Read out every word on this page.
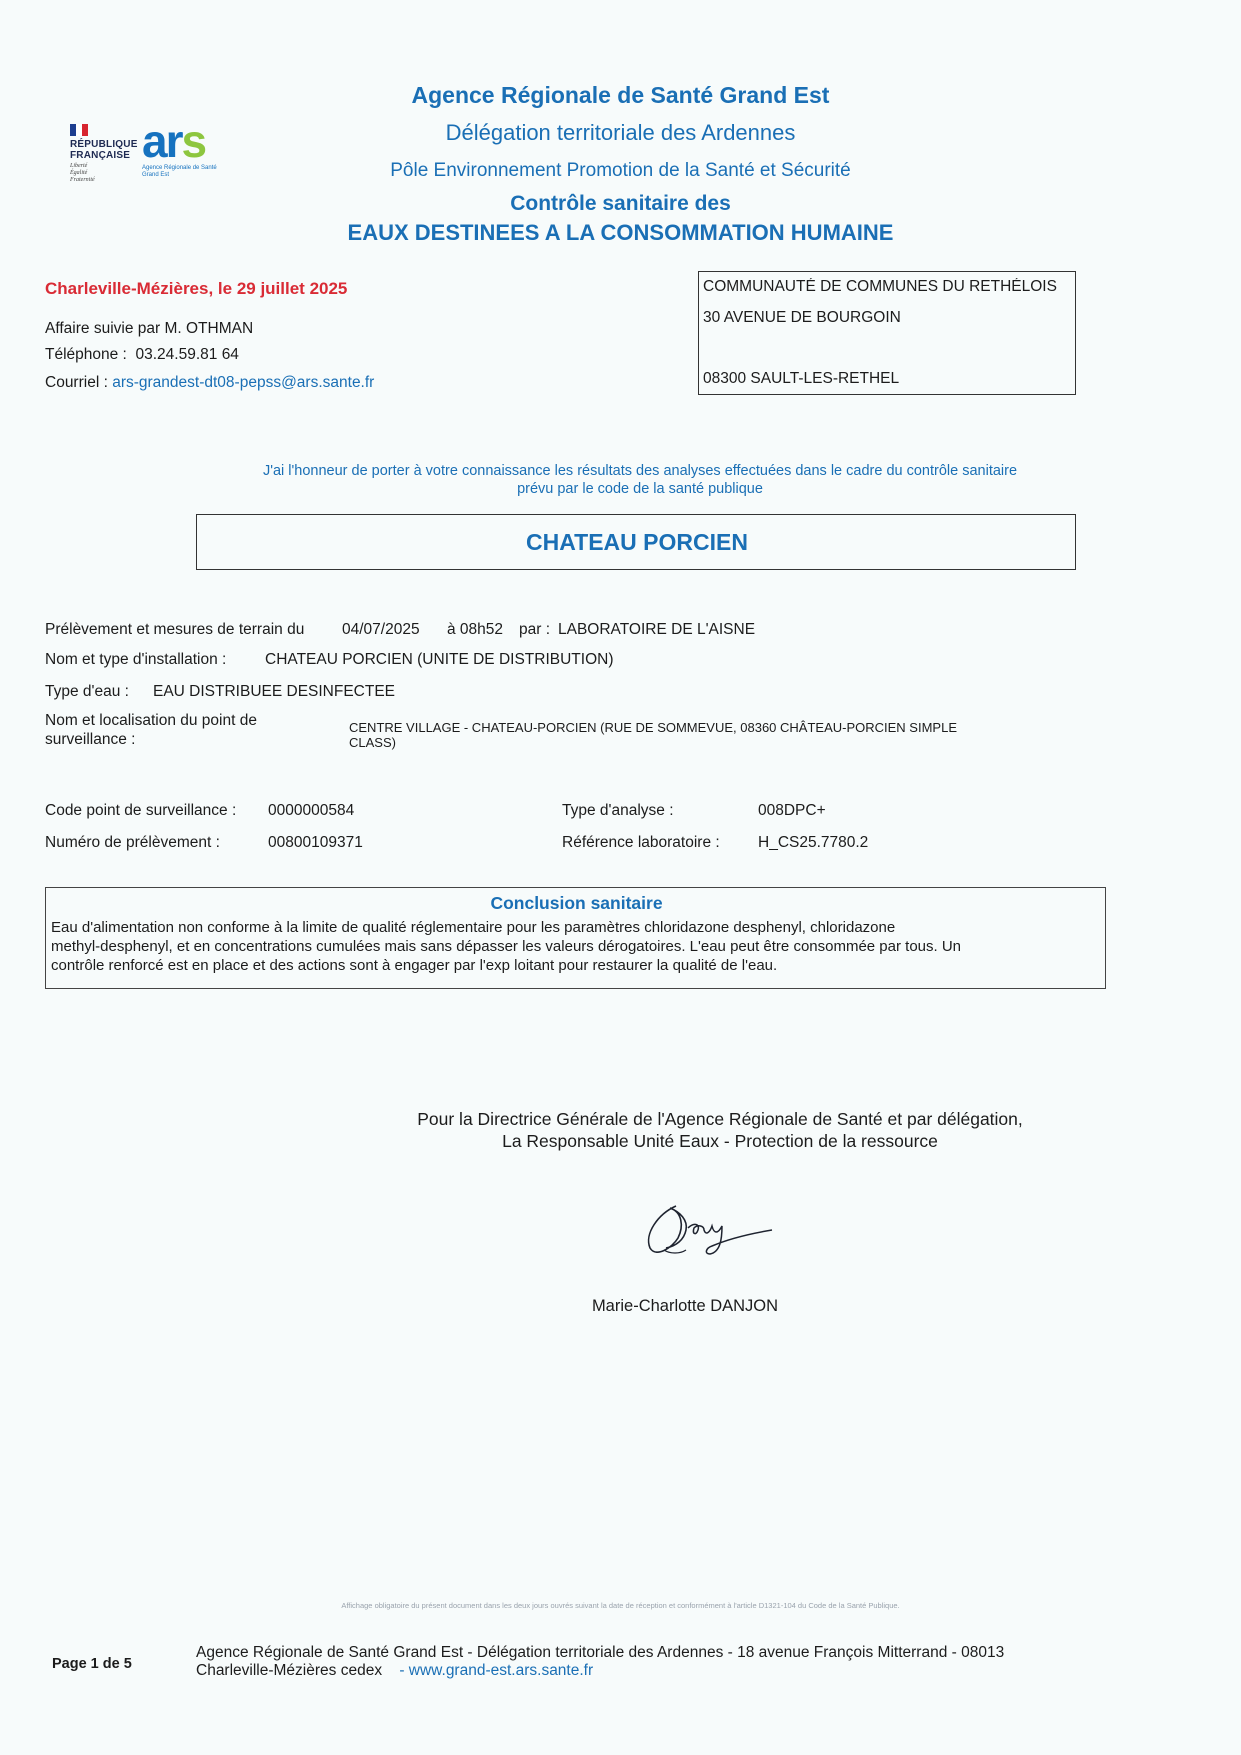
RÉPUBLIQUE
FRANÇAISE
Liberté
Égalité
Fraternité
ars
Agence Régionale de Santé
Grand Est
Agence Régionale de Santé Grand Est
Délégation territoriale des Ardennes
Pôle Environnement Promotion de la Santé et Sécurité
Contrôle sanitaire des
EAUX DESTINEES A LA CONSOMMATION HUMAINE
Charleville-Mézières, le 29 juillet 2025
Affaire suivie par M. OTHMAN
Téléphone : 03.24.59.81 64
Courriel : ars-grandest-dt08-pepss@ars.sante.fr
COMMUNAUTÉ DE COMMUNES DU RETHÉLOIS
30 AVENUE DE BOURGOIN
08300 SAULT-LES-RETHEL
J'ai l'honneur de porter à votre connaissance les résultats des analyses effectuées dans le cadre du contrôle sanitaire
prévu par le code de la santé publique
CHATEAU PORCIEN
Prélèvement et mesures de terrain du 04/07/2025 à 08h52 par : LABORATOIRE DE L'AISNE
Nom et type d'installation : CHATEAU PORCIEN (UNITE DE DISTRIBUTION)
Type d'eau : EAU DISTRIBUEE DESINFECTEE
Nom et localisation du point de
surveillance :
CENTRE VILLAGE - CHATEAU-PORCIEN (RUE DE SOMMEVUE, 08360 CHÂTEAU-PORCIEN SIMPLE
CLASS)
Code point de surveillance : 0000000584	Type d'analyse :	008DPC+
Numéro de prélèvement :	00800109371	Référence laboratoire : H_CS25.7780.2
Conclusion sanitaire
Eau d'alimentation non conforme à la limite de qualité réglementaire pour les paramètres chloridazone desphenyl, chloridazone
methyl-desphenyl, et en concentrations cumulées mais sans dépasser les valeurs dérogatoires. L'eau peut être consommée par tous. Un
contrôle renforcé est en place et des actions sont à engager par l'exp loitant pour restaurer la qualité de l'eau.
Pour la Directrice Générale de l'Agence Régionale de Santé et par délégation,
La Responsable Unité Eaux - Protection de la ressource
Marie-Charlotte DANJON
Affichage obligatoire du présent document dans les deux jours ouvrés suivant la date de réception et conformément à l'article D1321-104 du Code de la Santé Publique.
Page 1 de 5
Agence Régionale de Santé Grand Est - Délégation territoriale des Ardennes - 18 avenue François Mitterrand - 08013
Charleville-Mézières cedex - www.grand-est.ars.sante.fr
